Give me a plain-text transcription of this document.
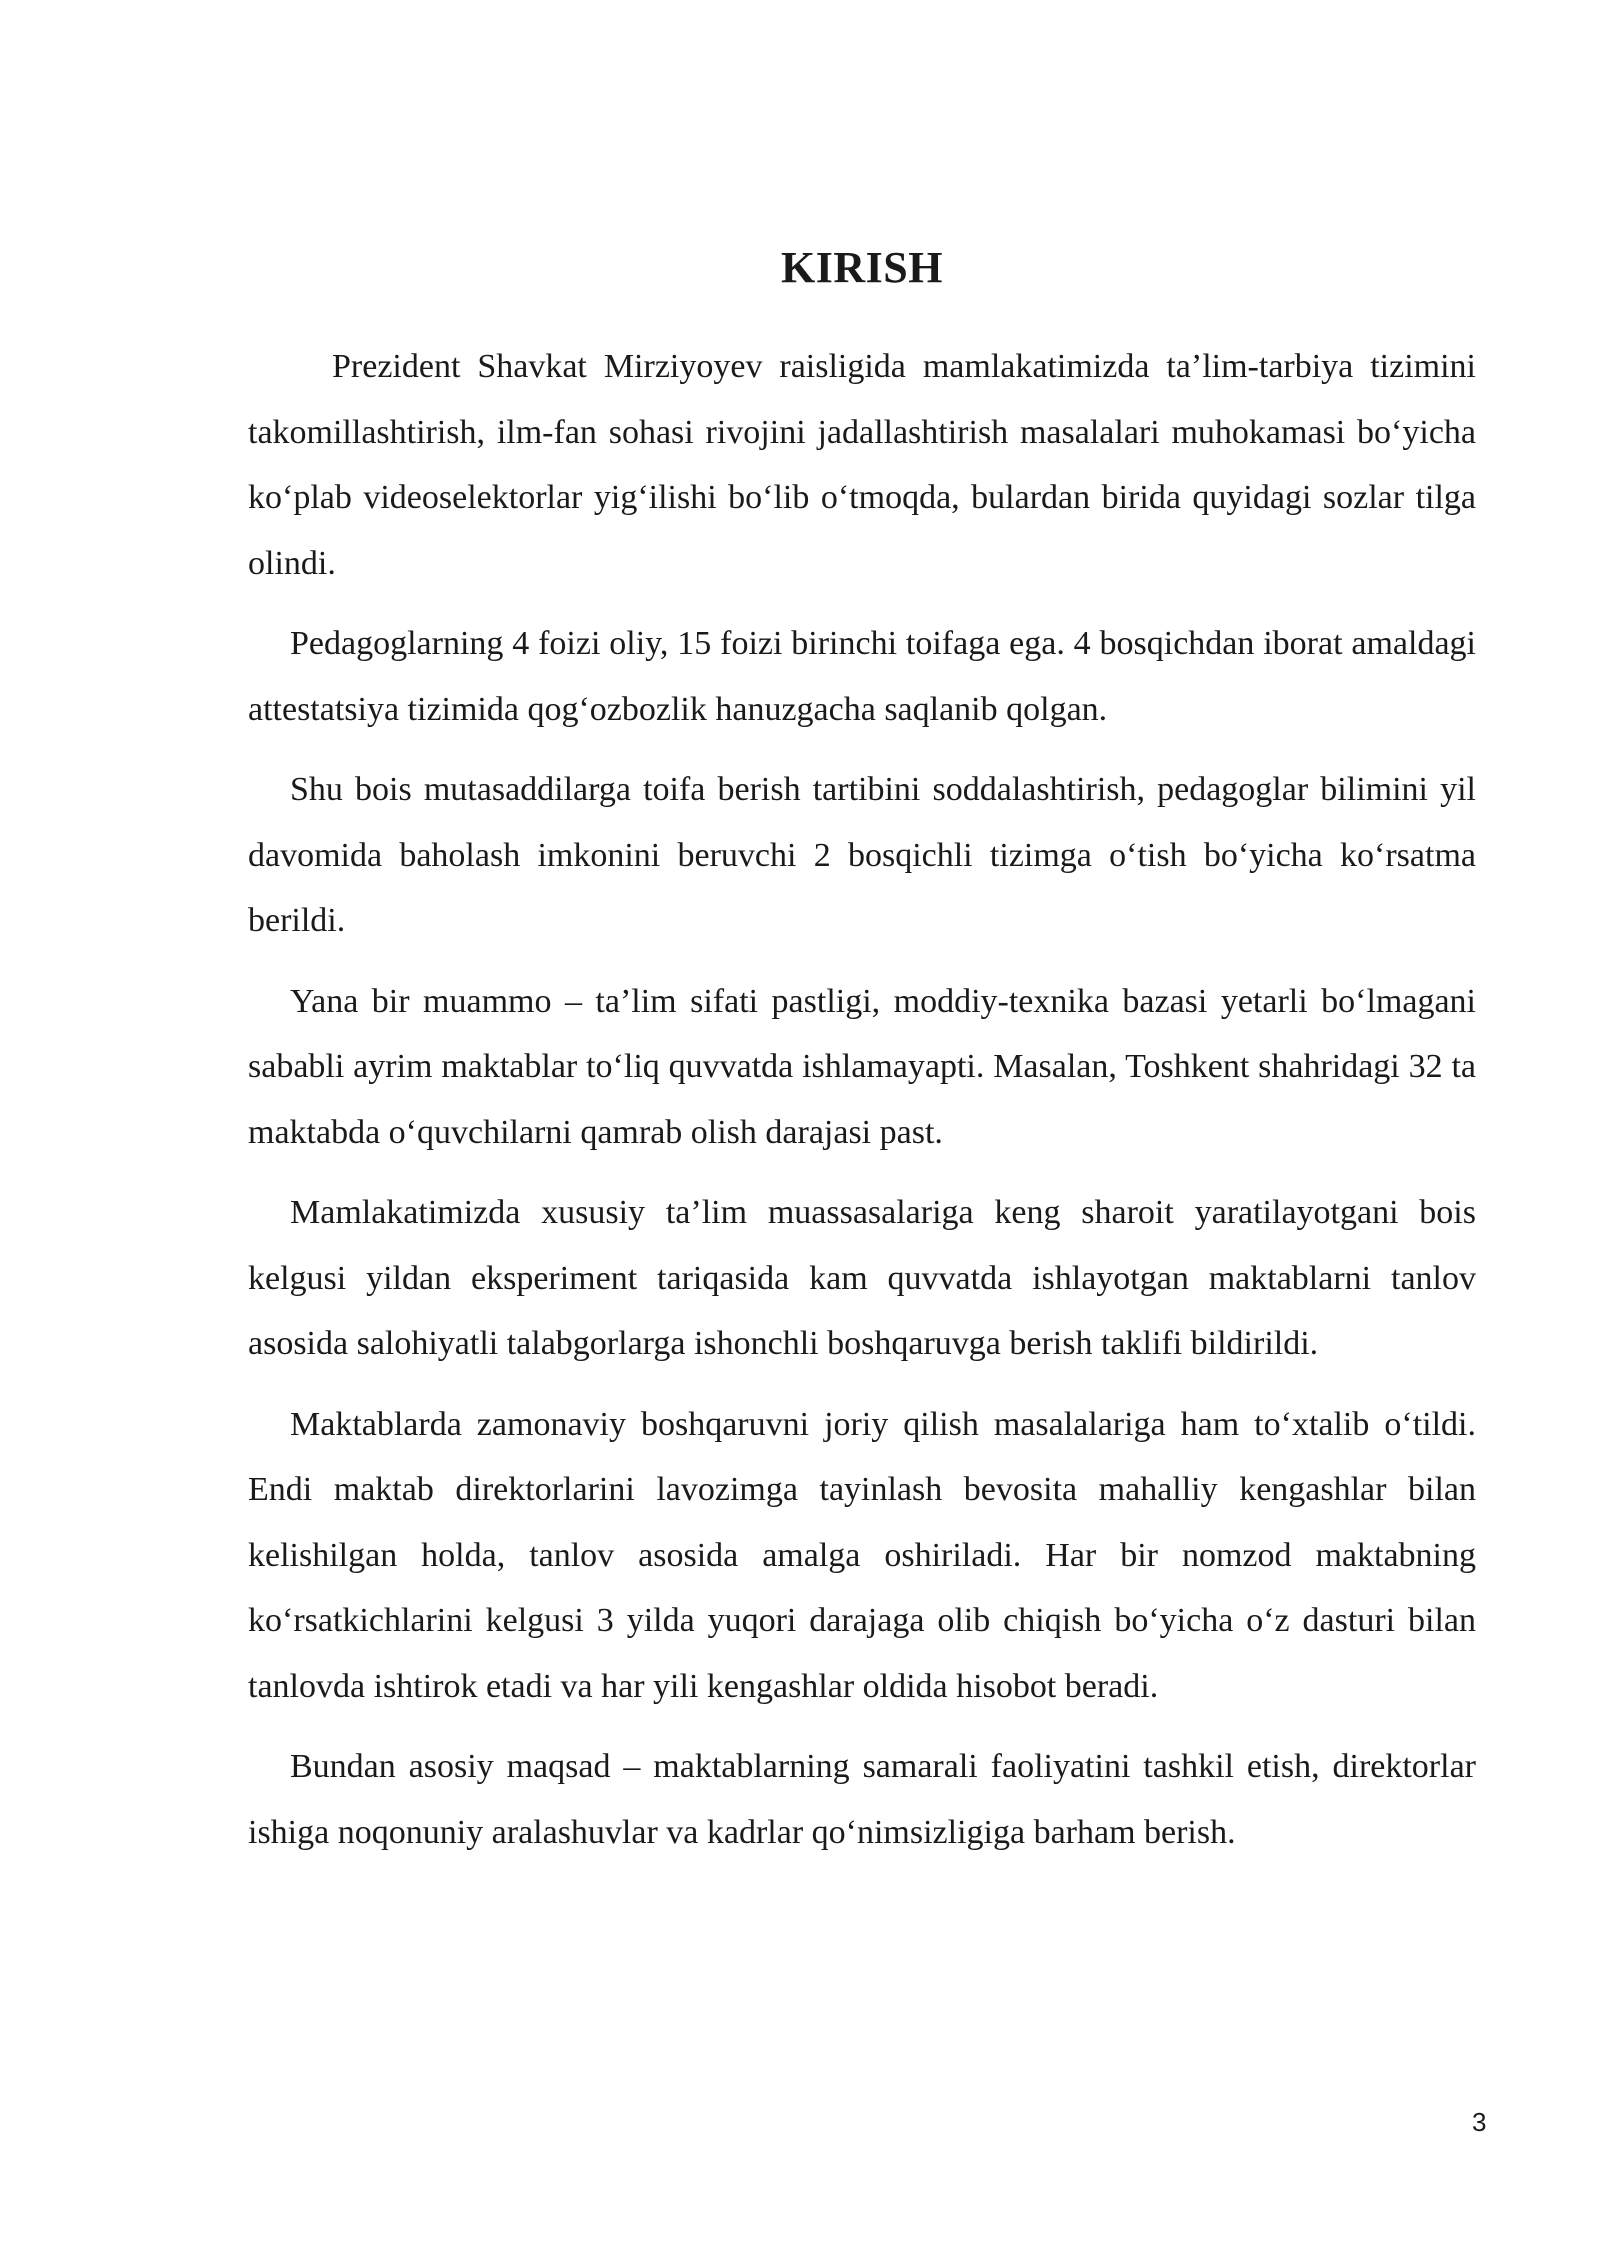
KIRISH

Prezident Shavkat Mirziyoyev raisligida mamlakatimizda ta’lim-tarbiya tizimini takomillashtirish, ilm-fan sohasi rivojini jadallashtirish masalalari muhokamasi bo‘yicha ko‘plab videoselektorlar yig‘ilishi bo‘lib o‘tmoqda, bulardan birida quyidagi sozlar tilga olindi.

Pedagoglarning 4 foizi oliy, 15 foizi birinchi toifaga ega. 4 bosqichdan iborat amaldagi attestatsiya tizimida qog‘ozbozlik hanuzgacha saqlanib qolgan.

Shu bois mutasaddilarga toifa berish tartibini soddalashtirish, pedagoglar bilimini yil davomida baholash imkonini beruvchi 2 bosqichli tizimga o‘tish bo‘yicha ko‘rsatma berildi.

Yana bir muammo – ta’lim sifati pastligi, moddiy-texnika bazasi yetarli bo‘lmagani sababli ayrim maktablar to‘liq quvvatda ishlamayapti. Masalan, Toshkent shahridagi 32 ta maktabda o‘quvchilarni qamrab olish darajasi past.

Mamlakatimizda xususiy ta’lim muassasalariga keng sharoit yaratilayotgani bois kelgusi yildan eksperiment tariqasida kam quvvatda ishlayotgan maktablarni tanlov asosida salohiyatli talabgorlarga ishonchli boshqaruvga berish taklifi bildirildi.

Maktablarda zamonaviy boshqaruvni joriy qilish masalalariga ham to‘xtalib o‘tildi. Endi maktab direktorlarini lavozimga tayinlash bevosita mahalliy kengashlar bilan kelishilgan holda, tanlov asosida amalga oshiriladi. Har bir nomzod maktabning ko‘rsatkichlarini kelgusi 3 yilda yuqori darajaga olib chiqish bo‘yicha o‘z dasturi bilan tanlovda ishtirok etadi va har yili kengashlar oldida hisobot beradi.

Bundan asosiy maqsad – maktablarning samarali faoliyatini tashkil etish, direktorlar ishiga noqonuniy aralashuvlar va kadrlar qo‘nimsizligiga barham berish.

3
